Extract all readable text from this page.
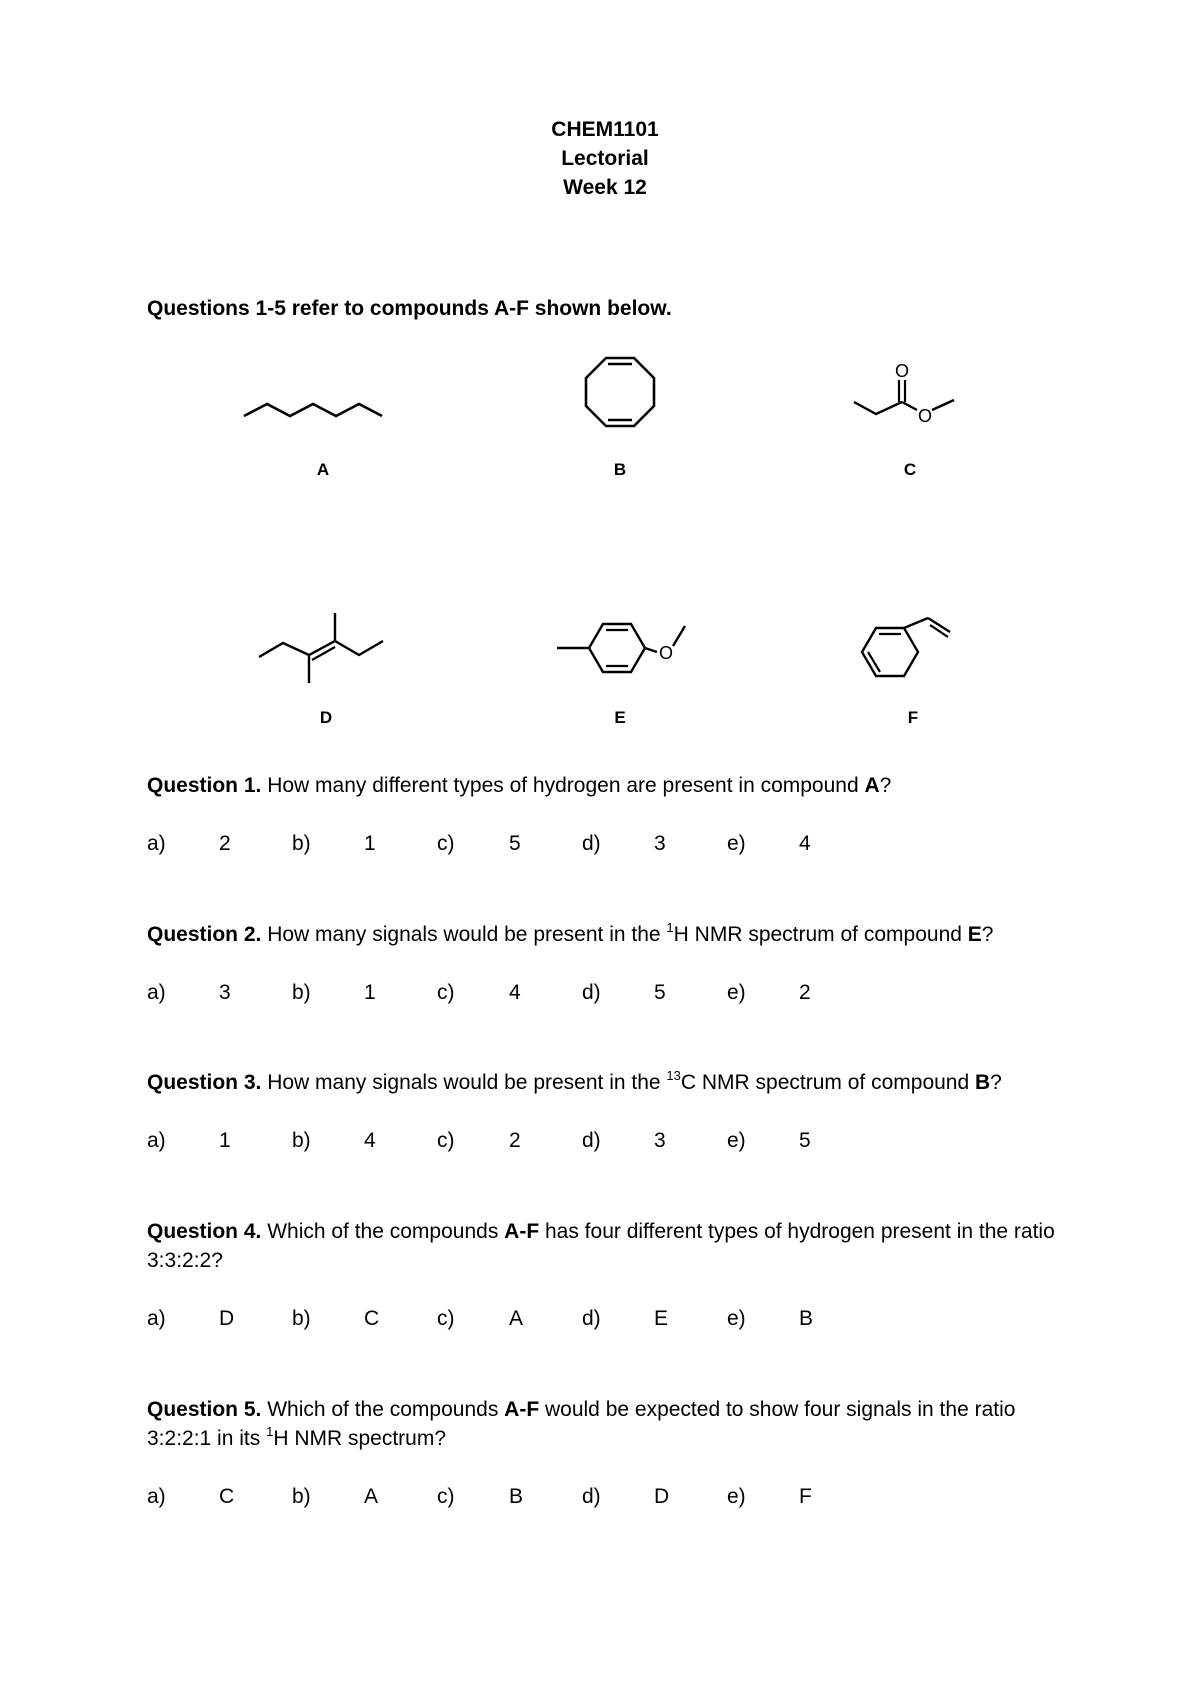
CHEM1101
Lectorial
Week 12
Questions 1-5 refer to compounds A-F shown below.
A	B
O
O
C
D
O
E	F
Question 1. How many different types of hydrogen are present in compound A?
a)	2	b)	1	c)	5	d)	3	e)	4
Question 2. How many signals would be present in the $^1$H NMR spectrum of compound E?
a)	3	b)	1	c)	4	d)	5	e)	2
Question 3. How many signals would be present in the $^{13}$C NMR spectrum of compound B?
a)	1	b)	4	c)	2	d)	3	e)	5
Question 4. Which of the compounds A-F has four different types of hydrogen present in the ratio 3:3:2:2?
a)	D	b)	C	c)	A	d)	E	e)	B
Question 5. Which of the compounds A-F would be expected to show four signals in the ratio 3:2:2:1 in its $^1$H NMR spectrum?
a)	C	b)	A	c)	B	d)	D	e)	F
